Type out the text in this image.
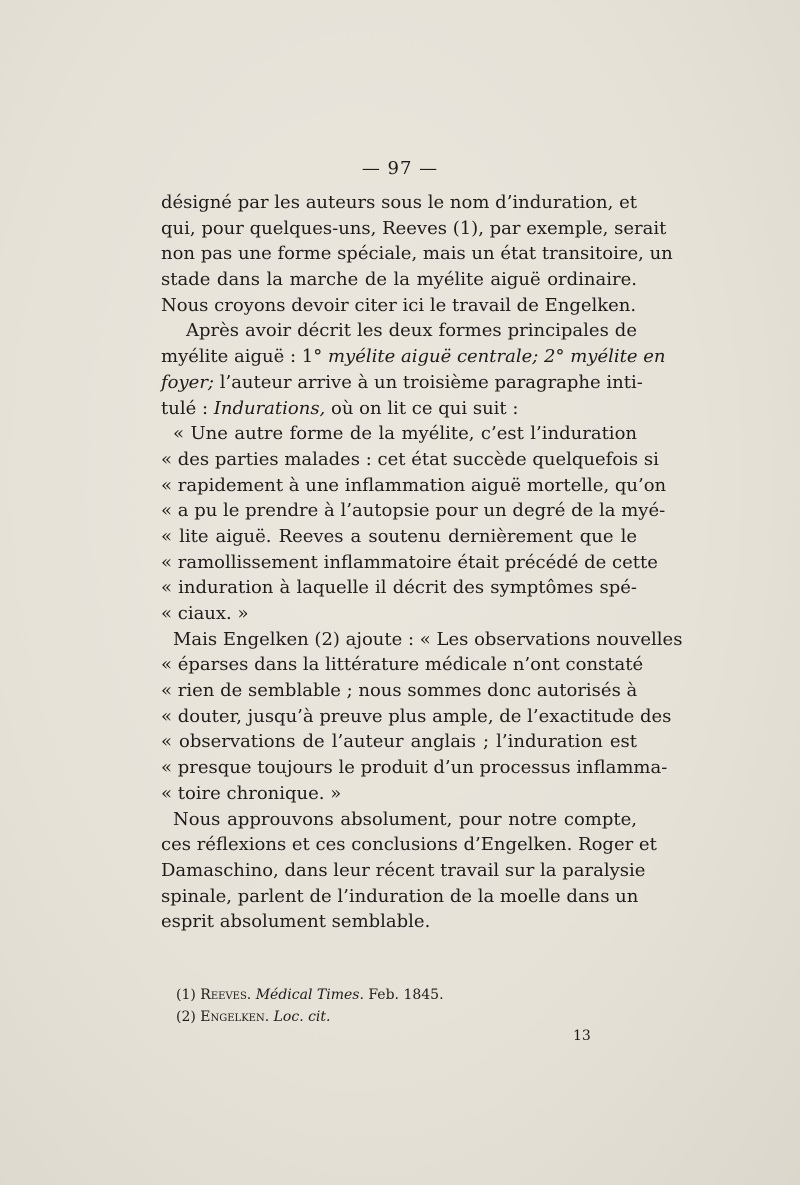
— 97 —
désigné par les auteurs sous le nom d’induration, et
qui, pour quelques-uns, Reeves (1), par exemple, serait
non pas une forme spéciale, mais un état transitoire, un
stade dans la marche de la myélite aiguë ordinaire.
Nous croyons devoir citer ici le travail de Engelken.
Après avoir décrit les deux formes principales de
myélite aiguë : 1° myélite aiguë centrale; 2° myélite en
foyer; l’auteur arrive à un troisième paragraphe inti-
tulé : Indurations, où on lit ce qui suit :
« Une autre forme de la myélite, c’est l’induration
« des parties malades : cet état succède quelquefois si
« rapidement à une inflammation aiguë mortelle, qu’on
« a pu le prendre à l’autopsie pour un degré de la myé-
« lite aiguë. Reeves a soutenu dernièrement que le
« ramollissement inflammatoire était précédé de cette
« induration à laquelle il décrit des symptômes spé-
« ciaux. »
Mais Engelken (2) ajoute : « Les observations nouvelles
« éparses dans la littérature médicale n’ont constaté
« rien de semblable ; nous sommes donc autorisés à
« douter, jusqu’à preuve plus ample, de l’exactitude des
« observations de l’auteur anglais ; l’induration est
« presque toujours le produit d’un processus inflamma-
« toire chronique. »
Nous approuvons absolument, pour notre compte,
ces réflexions et ces conclusions d’Engelken. Roger et
Damaschino, dans leur récent travail sur la paralysie
spinale, parlent de l’induration de la moelle dans un
esprit absolument semblable.
(1) Reeves. Médical Times. Feb. 1845.
(2) Engelken. Loc. cit.
13
